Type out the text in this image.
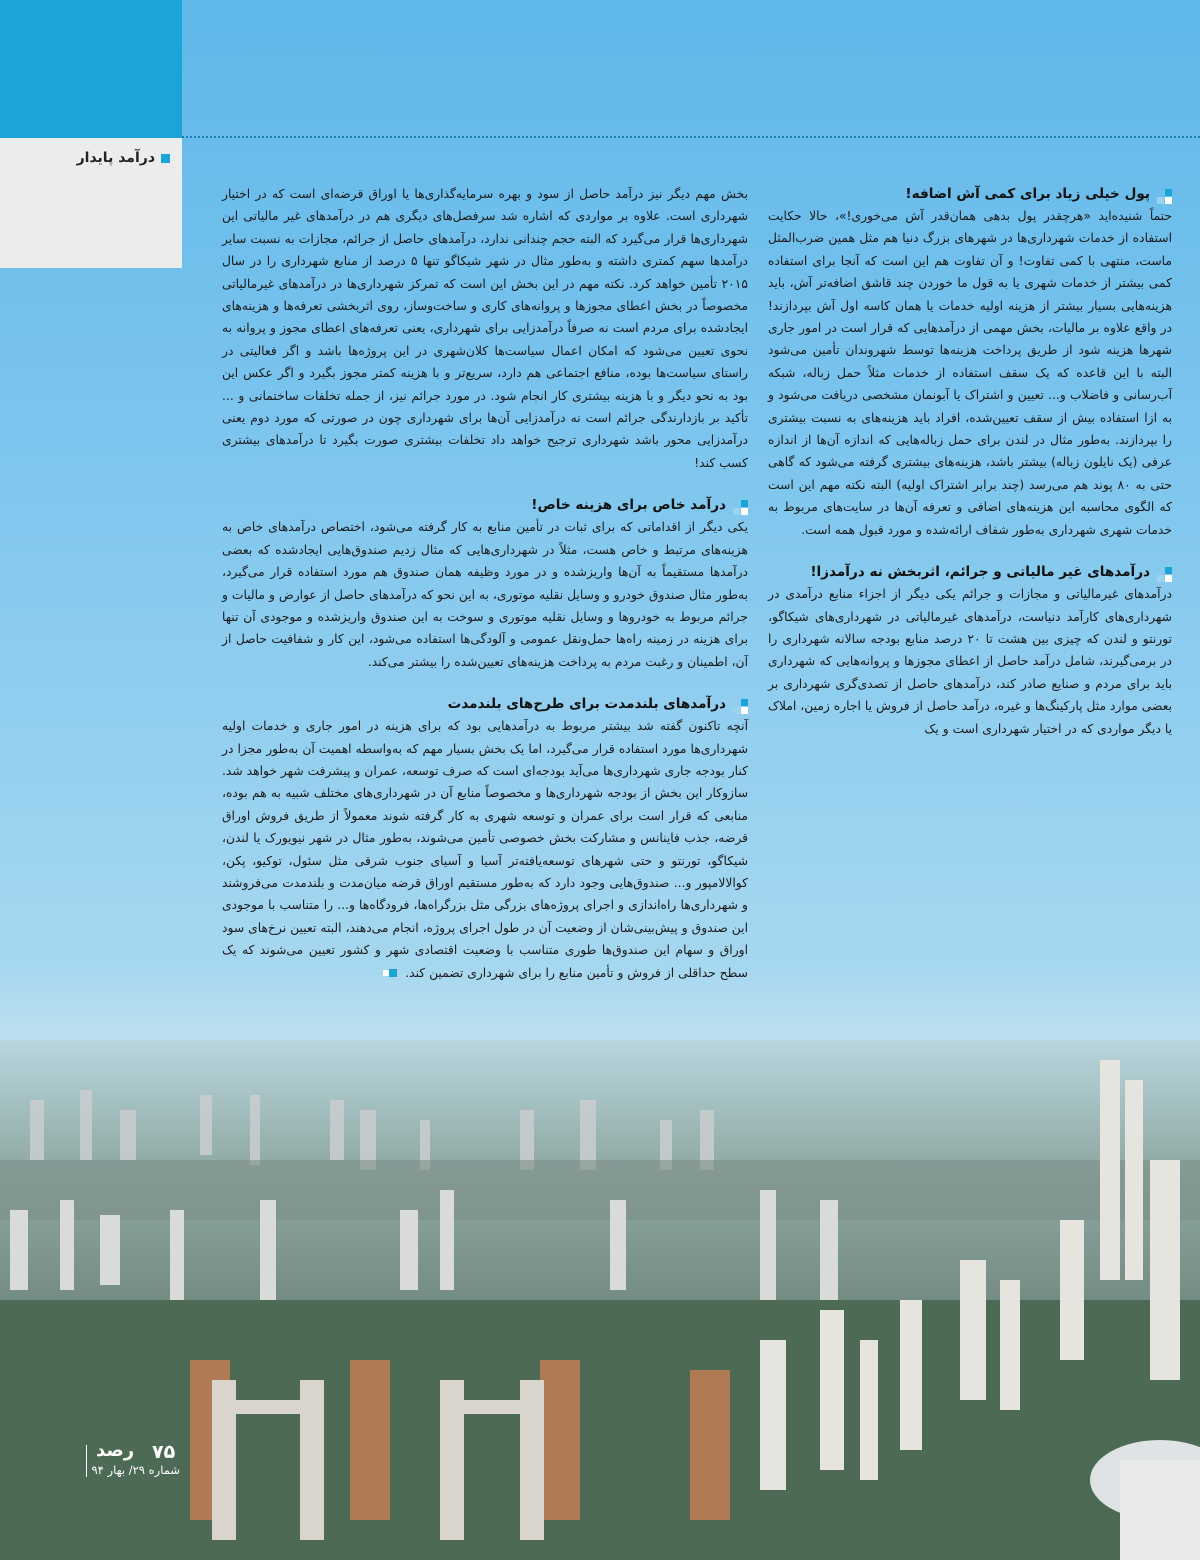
درآمد پایدار

پول خیلی زیاد برای کمی آش اضافه!

حتماً شنیده‌اید «هرچقدر پول بدهی همان‌قدر آش می‌خوری!»، حالا حکایت استفاده از خدمات شهرداری‌ها در شهرهای بزرگ دنیا هم مثل همین ضرب‌المثل ماست، منتهی با کمی تفاوت! و آن تفاوت هم این است که آنجا برای استفاده کمی بیشتر از خدمات شهری یا به قول ما خوردن چند قاشق اضافه‌تر آش، باید هزینه‌هایی بسیار بیشتر از هزینه اولیه خدمات یا همان کاسه اول آش بپردازند! در واقع علاوه بر مالیات، بخش مهمی از درآمدهایی که قرار است در امور جاری شهرها هزینه شود از طریق پرداخت هزینه‌ها توسط شهروندان تأمین می‌شود البته با این قاعده که یک سقف استفاده از خدمات مثلاً حمل زباله، شبکه آب‌رسانی و فاضلاب و... تعیین و اشتراک یا آبونمان مشخصی دریافت می‌شود و به ازا استفاده بیش از سقف تعیین‌شده، افراد باید هزینه‌های به نسبت بیشتری را بپردازند. به‌طور مثال در لندن برای حمل زباله‌هایی که اندازه آن‌ها از اندازه عرفی (یک نایلون زباله) بیشتر باشد، هزینه‌های بیشتری گرفته می‌شود که گاهی حتی به ۸۰ پوند هم می‌رسد (چند برابر اشتراک اولیه) البته نکته مهم این است که الگوی محاسبه این هزینه‌های اضافی و تعرفه آن‌ها در سایت‌های مربوط به خدمات شهری شهرداری به‌طور شفاف ارائه‌شده و مورد قبول همه است.

درآمدهای غیر مالیاتی و جرائم، اثربخش نه درآمدزا!

درآمدهای غیرمالیاتی و مجازات و جرائم یکی دیگر از اجزاء منابع درآمدی در شهرداری‌های کارآمد دنیاست، درآمدهای غیرمالیاتی در شهرداری‌های شیکاگو، تورنتو و لندن که چیزی بین هشت تا ۲۰ درصد منابع بودجه سالانه شهرداری را در برمی‌گیرند، شامل درآمد حاصل از اعطای مجوزها و پروانه‌هایی که شهرداری باید برای مردم و صنایع صادر کند، درآمدهای حاصل از تصدی‌گری شهرداری بر بعضی موارد مثل پارکینگ‌ها و غیره، درآمد حاصل از فروش یا اجاره زمین، املاک یا دیگر مواردی که در اختیار شهرداری است و یک

بخش مهم دیگر نیز درآمد حاصل از سود و بهره سرمایه‌گذاری‌ها یا اوراق قرضه‌ای است که در اختیار شهرداری است. علاوه بر مواردی که اشاره شد سرفصل‌های دیگری هم در درآمدهای غیر مالیاتی این شهرداری‌ها قرار می‌گیرد که البته حجم چندانی ندارد، درآمدهای حاصل از جرائم، مجازات به نسبت سایر درآمدها سهم کمتری داشته و به‌طور مثال در شهر شیکاگو تنها ۵ درصد از منابع شهرداری را در سال ۲۰۱۵ تأمین خواهد کرد. نکته مهم در این بخش این است که تمرکز شهرداری‌ها در درآمدهای غیرمالیاتی مخصوصاً در بخش اعطای مجوزها و پروانه‌های کاری و ساخت‌وساز، روی اثربخشی تعرفه‌ها و هزینه‌های ایجادشده برای مردم است نه صرفاً درآمدزایی برای شهرداری، یعنی تعرفه‌های اعطای مجوز و پروانه به نحوی تعیین می‌شود که امکان اعمال سیاست‌ها کلان‌شهری در این پروژه‌ها باشد و اگر فعالیتی در راستای سیاست‌ها بوده، منافع اجتماعی هم دارد، سریع‌تر و با هزینه کمتر مجوز بگیرد و اگر عکس این بود به نحو دیگر و با هزینه بیشتری کار انجام شود. در مورد جرائم نیز، از جمله تخلفات ساختمانی و ... تأکید بر بازدارندگی جرائم است نه درآمدزایی آن‌ها برای شهرداری چون در صورتی که مورد دوم یعنی درآمدزایی محور باشد شهرداری ترجیح خواهد داد تخلفات بیشتری صورت بگیرد تا درآمدهای بیشتری کسب کند!

درآمد خاص برای هزینه خاص!

یکی دیگر از اقداماتی که برای ثبات در تأمین منابع به کار گرفته می‌شود، اختصاص درآمدهای خاص به هزینه‌های مرتبط و خاص هست، مثلاً در شهرداری‌هایی که مثال زدیم صندوق‌هایی ایجادشده که بعضی درآمدها مستقیماً به آن‌ها واریزشده و در مورد وظیفه همان صندوق هم مورد استفاده قرار می‌گیرد، به‌طور مثال صندوق خودرو و وسایل نقلیه موتوری، به این نحو که درآمدهای حاصل از عوارض و مالیات و جرائم مربوط به خودروها و وسایل نقلیه موتوری و سوخت به این صندوق واریزشده و موجودی آن تنها برای هزینه در زمینه راه‌ها حمل‌ونقل عمومی و آلودگی‌ها استفاده می‌شود، این کار و شفافیت حاصل از آن، اطمینان و رغبت مردم به پرداخت هزینه‌های تعیین‌شده را بیشتر می‌کند.

درآمدهای بلندمدت برای طرح‌های بلندمدت

آنچه تاکنون گفته شد بیشتر مربوط به درآمدهایی بود که برای هزینه در امور جاری و خدمات اولیه شهرداری‌ها مورد استفاده قرار می‌گیرد، اما یک بخش بسیار مهم که به‌واسطه اهمیت آن به‌طور مجزا در کنار بودجه جاری شهرداری‌ها می‌آید بودجه‌ای است که صرف توسعه، عمران و پیشرفت شهر خواهد شد. سازوکار این بخش از بودجه شهرداری‌ها و مخصوصاً منابع آن در شهرداری‌های مختلف شبیه به هم بوده، منابعی که قرار است برای عمران و توسعه شهری به کار گرفته شوند معمولاً از طریق فروش اوراق قرضه، جذب فاینانس و مشارکت بخش خصوصی تأمین می‌شوند، به‌طور مثال در شهر نیویورک یا لندن، شیکاگو، تورنتو و حتی شهرهای توسعه‌یافته‌تر آسیا و آسیای جنوب شرقی مثل سئول، توکیو، پکن، کوالالامپور و... صندوق‌هایی وجود دارد که به‌طور مستقیم اوراق قرضه میان‌مدت و بلندمدت می‌فروشند و شهرداری‌ها راه‌اندازی و اجرای پروژه‌های بزرگی مثل بزرگراه‌ها، فرودگاه‌ها و... را متناسب با موجودی این صندوق و پیش‌بینی‌شان از وضعیت آن در طول اجرای پروژه، انجام می‌دهند، البته تعیین نرخ‌های سود اوراق و سهام این صندوق‌ها طوری متناسب با وضعیت اقتصادی شهر و کشور تعیین می‌شوند که یک سطح حداقلی از فروش و تأمین منابع را برای شهرداری تضمین کند.

۷۵
رصد
شماره ۲۹/ بهار ۹۴
